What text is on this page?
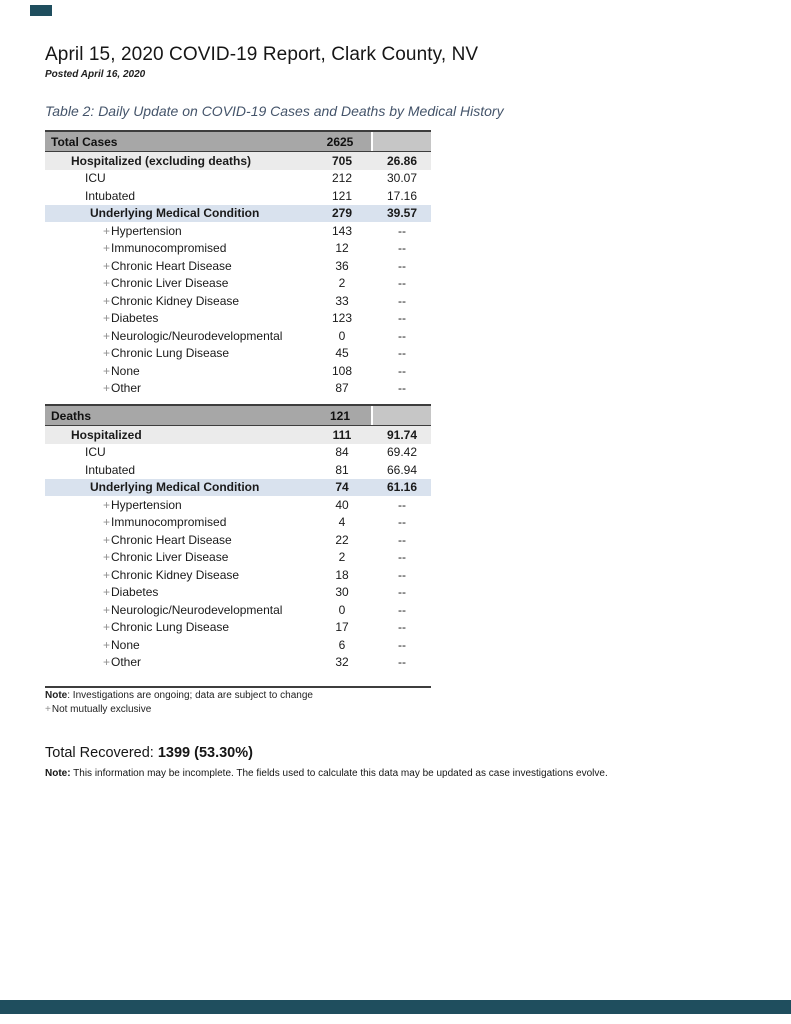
April 15, 2020 COVID-19 Report, Clark County, NV
Posted April 16, 2020
Table 2: Daily Update on COVID-19 Cases and Deaths by Medical History
Total Cases	2625
Hospitalized (excluding deaths)	705	26.86
ICU	212	30.07
Intubated	121	17.16
Underlying Medical Condition	279	39.57
+Hypertension	143	--
+Immunocompromised	12	--
+Chronic Heart Disease	36	--
+Chronic Liver Disease	2	--
+Chronic Kidney Disease	33	--
+Diabetes	123	--
+Neurologic/Neurodevelopmental	0	--
+Chronic Lung Disease	45	--
+None	108	--
+Other	87	--
Deaths	121
Hospitalized	111	91.74
ICU	84	69.42
Intubated	81	66.94
Underlying Medical Condition	74	61.16
+Hypertension	40	--
+Immunocompromised	4	--
+Chronic Heart Disease	22	--
+Chronic Liver Disease	2	--
+Chronic Kidney Disease	18	--
+Diabetes	30	--
+Neurologic/Neurodevelopmental	0	--
+Chronic Lung Disease	17	--
+None	6	--
+Other	32	--
Note: Investigations are ongoing; data are subject to change
+Not mutually exclusive
Total Recovered: 1399 (53.30%)
Note: This information may be incomplete. The fields used to calculate this data may be updated as case investigations evolve.
